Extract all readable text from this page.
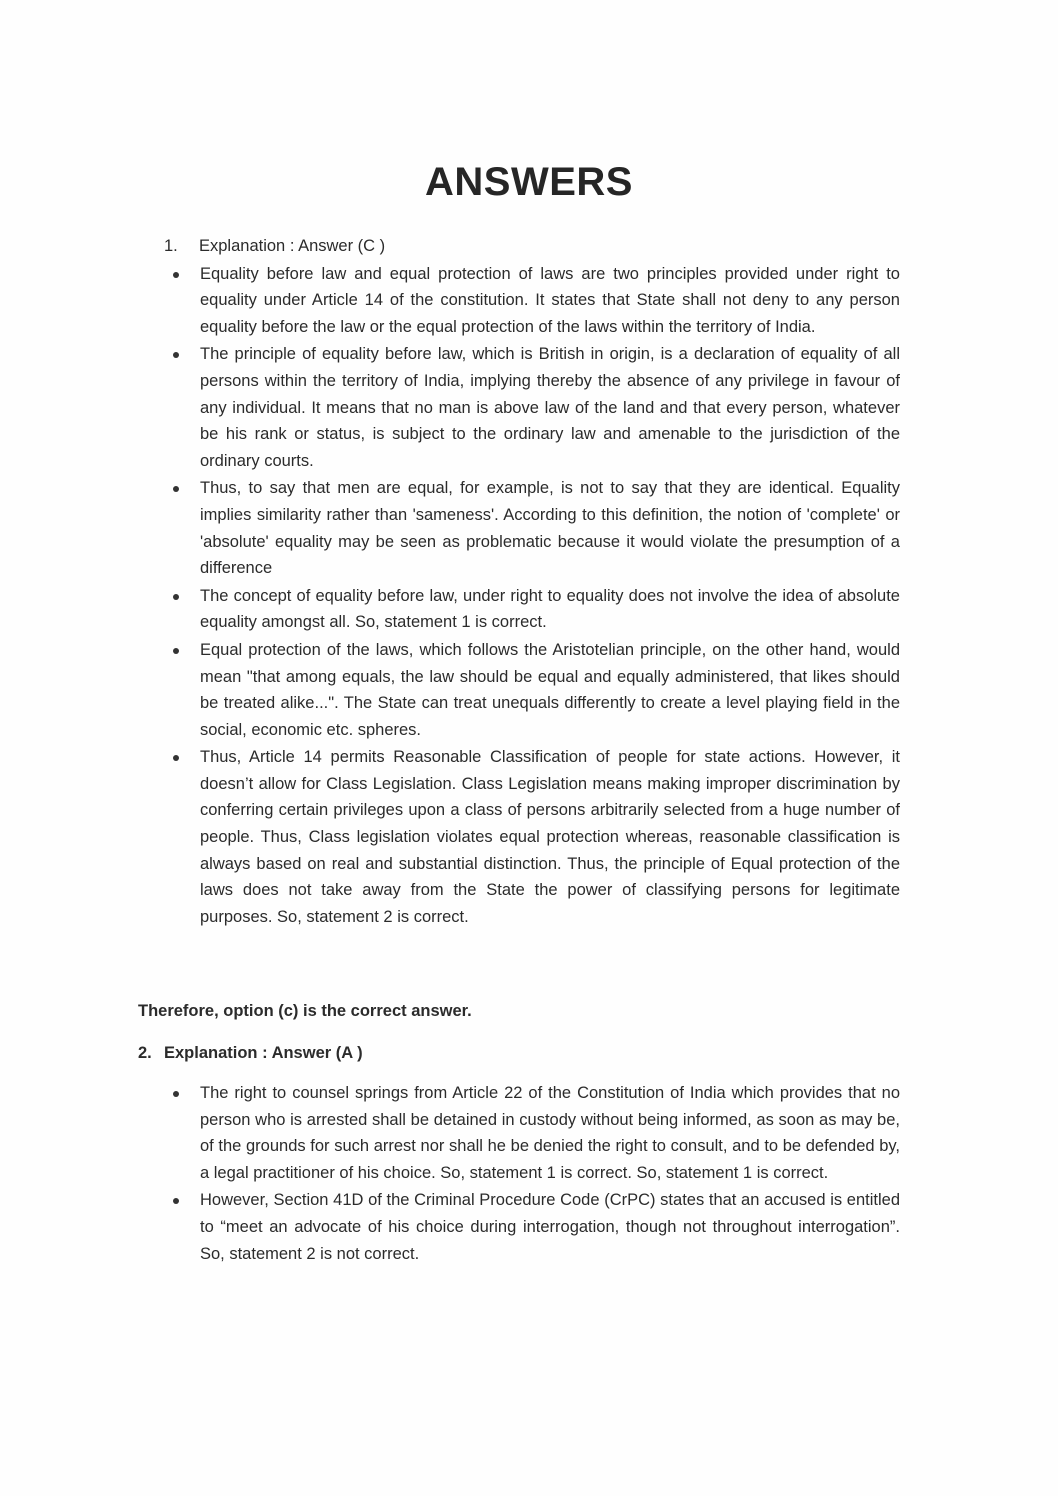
ANSWERS
1.	Explanation : Answer (C )
Equality before law and equal protection of laws are two principles provided under right to equality under Article 14 of the constitution. It states that State shall not deny to any person equality before the law or the equal protection of the laws within the territory of India.
The principle of equality before law, which is British in origin, is a declaration of equality of all persons within the territory of India, implying thereby the absence of any privilege in favour of any individual. It means that no man is above law of the land and that every person, whatever be his rank or status, is subject to the ordinary law and amenable to the jurisdiction of the ordinary courts.
Thus, to say that men are equal, for example, is not to say that they are identical. Equality implies similarity rather than 'sameness'. According to this definition, the notion of 'complete' or 'absolute' equality may be seen as problematic because it would violate the presumption of a difference
The concept of equality before law, under right to equality does not involve the idea of absolute equality amongst all. So, statement 1 is correct.
Equal protection of the laws, which follows the Aristotelian principle, on the other hand, would mean "that among equals, the law should be equal and equally administered, that likes should be treated alike...". The State can treat unequals differently to create a level playing field in the social, economic etc. spheres.
Thus, Article 14 permits Reasonable Classification of people for state actions. However, it doesn’t allow for Class Legislation. Class Legislation means making improper discrimination by conferring certain privileges upon a class of persons arbitrarily selected from a huge number of people. Thus, Class legislation violates equal protection whereas, reasonable classification is always based on real and substantial distinction. Thus, the principle of Equal protection of the laws does not take away from the State the power of classifying persons for legitimate purposes. So, statement 2 is correct.
Therefore, option (c) is the correct answer.
2. Explanation : Answer (A )
The right to counsel springs from Article 22 of the Constitution of India which provides that no person who is arrested shall be detained in custody without being informed, as soon as may be, of the grounds for such arrest nor shall he be denied the right to consult, and to be defended by, a legal practitioner of his choice. So, statement 1 is correct. So, statement 1 is correct.
However, Section 41D of the Criminal Procedure Code (CrPC) states that an accused is entitled to “meet an advocate of his choice during interrogation, though not throughout interrogation”. So, statement 2 is not correct.
